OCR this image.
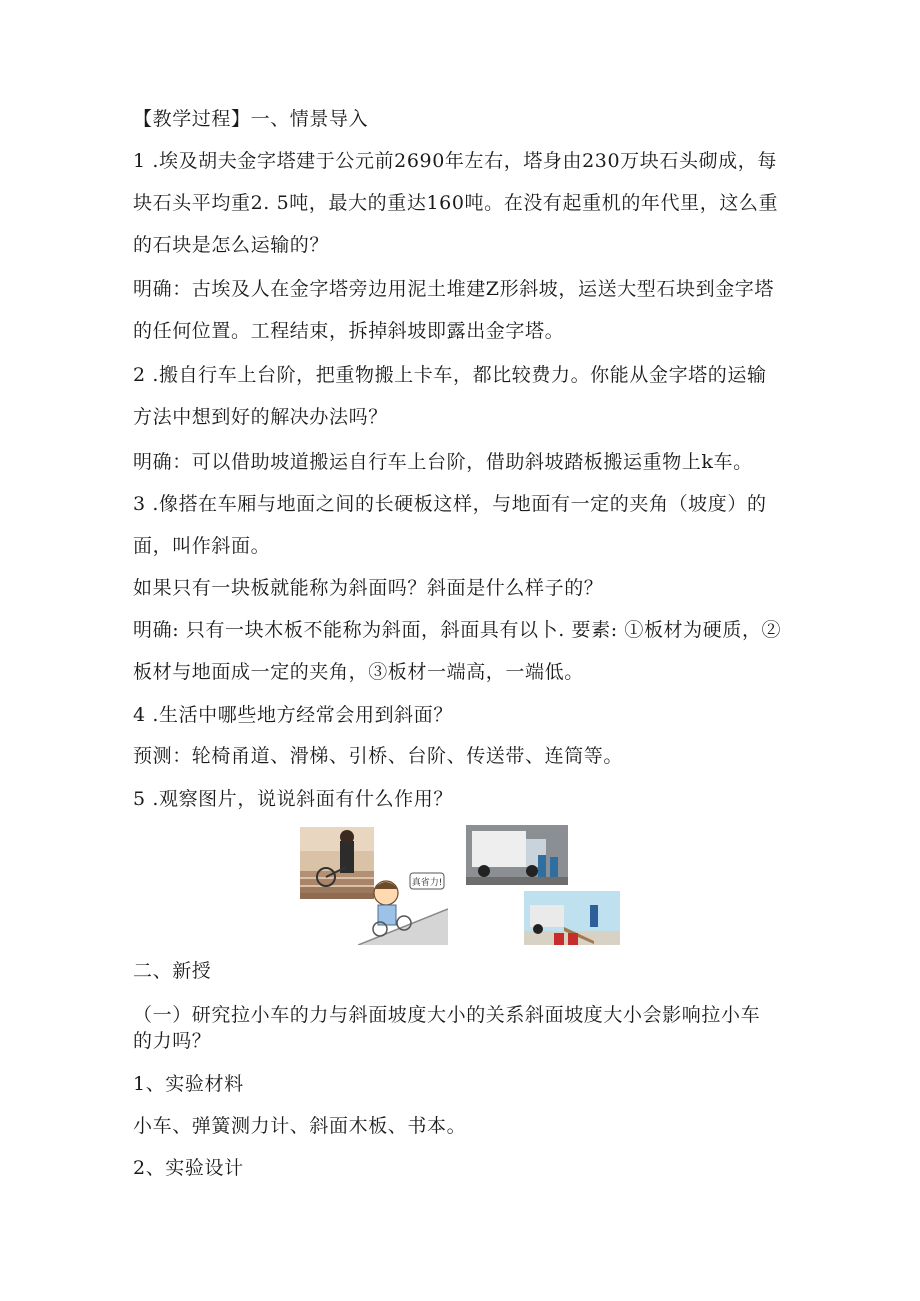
【教学过程】一、情景导入
1 .埃及胡夫金字塔建于公元前2690年左右，塔身由230万块石头砌成，每
块石头平均重2. 5吨，最大的重达160吨。在没有起重机的年代里，这么重
的石块是怎么运输的？
明确：古埃及人在金字塔旁边用泥土堆建Z形斜坡，运送大型石块到金字塔
的任何位置。工程结束，拆掉斜坡即露出金字塔。
2 .搬自行车上台阶，把重物搬上卡车，都比较费力。你能从金字塔的运输
方法中想到好的解决办法吗？
明确：可以借助坡道搬运自行车上台阶，借助斜坡踏板搬运重物上k车。
3 .像搭在车厢与地面之间的长硬板这样，与地面有一定的夹角（坡度）的
面，叫作斜面。
如果只有一块板就能称为斜面吗？斜面是什么样子的？
明确: 只有一块木板不能称为斜面，斜面具有以卜. 要素: ①板材为硬质，②
板材与地面成一定的夹角，③板材一端高，一端低。
4 .生活中哪些地方经常会用到斜面？
预测：轮椅甬道、滑梯、引桥、台阶、传送带、连筒等。
5 .观察图片，说说斜面有什么作用？
真省力!
二、新授
（一）研究拉小车的力与斜面坡度大小的关系斜面坡度大小会影响拉小车
的力吗？
1、实验材料
小车、弹簧测力计、斜面木板、书本。
2、实验设计
